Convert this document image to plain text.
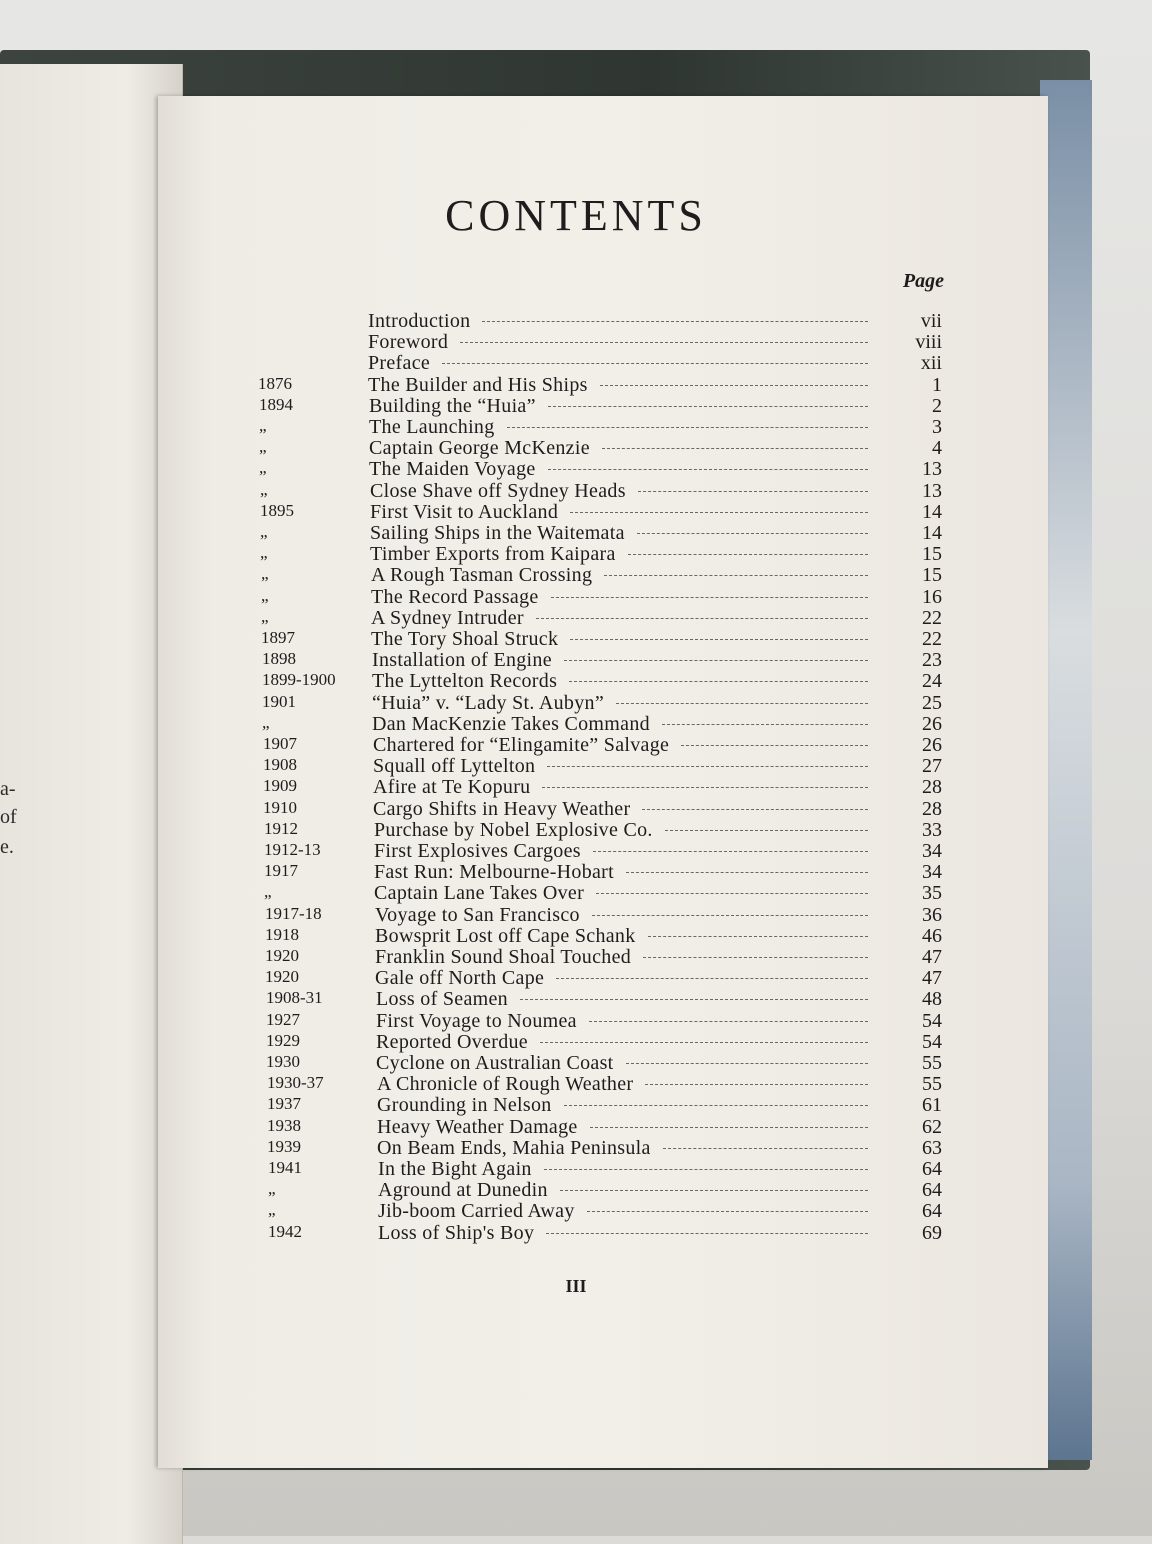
a-
of
e.
CONTENTS
Page
Introduction	vii
Foreword	viii
Preface	xii
1876	The Builder and His Ships	1
1894	Building the “Huia”	2
„	The Launching	3
„	Captain George McKenzie	4
„	The Maiden Voyage	13
„	Close Shave off Sydney Heads	13
1895	First Visit to Auckland	14
„	Sailing Ships in the Waitemata	14
„	Timber Exports from Kaipara	15
„	A Rough Tasman Crossing	15
„	The Record Passage	16
„	A Sydney Intruder	22
1897	The Tory Shoal Struck	22
1898	Installation of Engine	23
1899-1900	The Lyttelton Records	24
1901	“Huia” v. “Lady St. Aubyn”	25
„	Dan MacKenzie Takes Command	26
1907	Chartered for “Elingamite” Salvage	26
1908	Squall off Lyttelton	27
1909	Afire at Te Kopuru	28
1910	Cargo Shifts in Heavy Weather	28
1912	Purchase by Nobel Explosive Co.	33
1912-13	First Explosives Cargoes	34
1917	Fast Run: Melbourne-Hobart	34
„	Captain Lane Takes Over	35
1917-18	Voyage to San Francisco	36
1918	Bowsprit Lost off Cape Schank	46
1920	Franklin Sound Shoal Touched	47
1920	Gale off North Cape	47
1908-31	Loss of Seamen	48
1927	First Voyage to Noumea	54
1929	Reported Overdue	54
1930	Cyclone on Australian Coast	55
1930-37	A Chronicle of Rough Weather	55
1937	Grounding in Nelson	61
1938	Heavy Weather Damage	62
1939	On Beam Ends, Mahia Peninsula	63
1941	In the Bight Again	64
„	Aground at Dunedin	64
„	Jib-boom Carried Away	64
1942	Loss of Ship's Boy	69
III
